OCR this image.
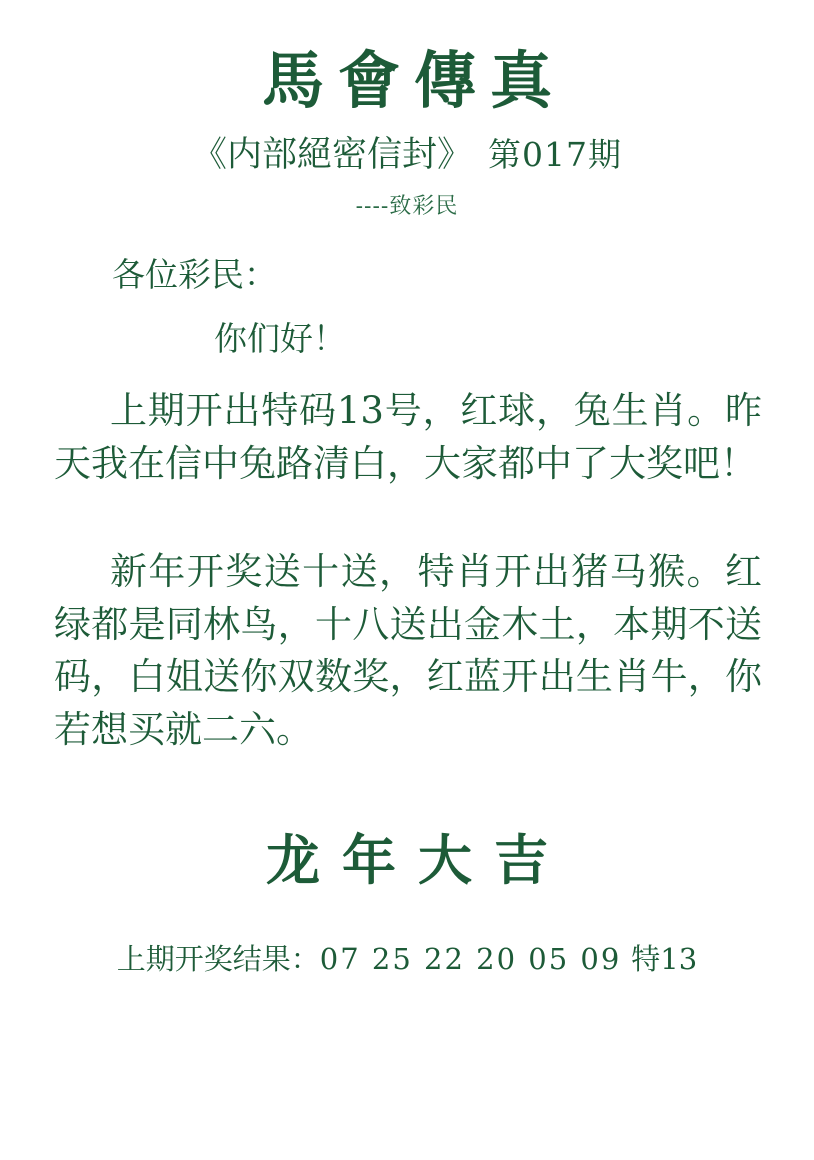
馬會傳真
《内部絕密信封》 第017期
----致彩民
各位彩民：
你们好！
上期开出特码13号，红球，兔生肖。昨天我在信中兔路清白，大家都中了大奖吧！
新年开奖送十送，特肖开出猪马猴。红绿都是同林鸟，十八送出金木土，本期不送码，白姐送你双数奖，红蓝开出生肖牛，你若想买就二六。
龙年大吉
上期开奖结果：07 25 22 20 05 09 特13
